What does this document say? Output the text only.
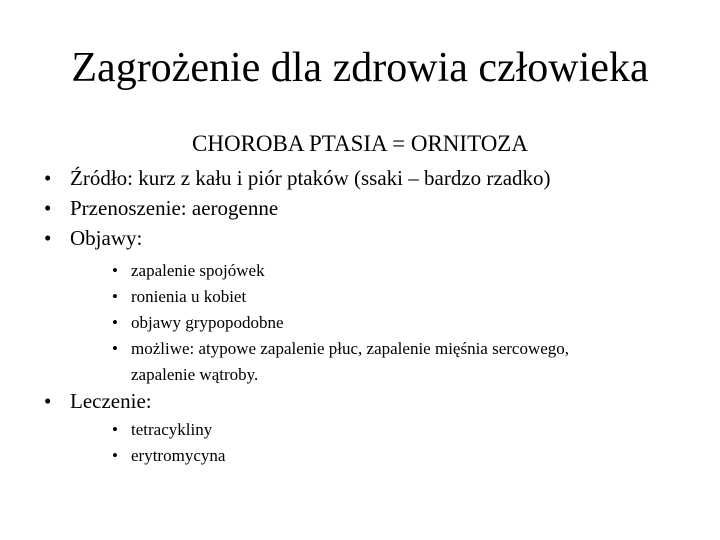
Zagrożenie dla zdrowia człowieka
CHOROBA PTASIA = ORNITOZA
• Źródło: kurz z kału i piór ptaków (ssaki – bardzo rzadko)
• Przenoszenie: aerogenne
• Objawy:
• zapalenie spojówek
• ronienia u kobiet
• objawy grypopodobne
• możliwe: atypowe zapalenie płuc, zapalenie mięśnia sercowego,
zapalenie wątroby.
• Leczenie:
• tetracykliny
• erytromycyna
